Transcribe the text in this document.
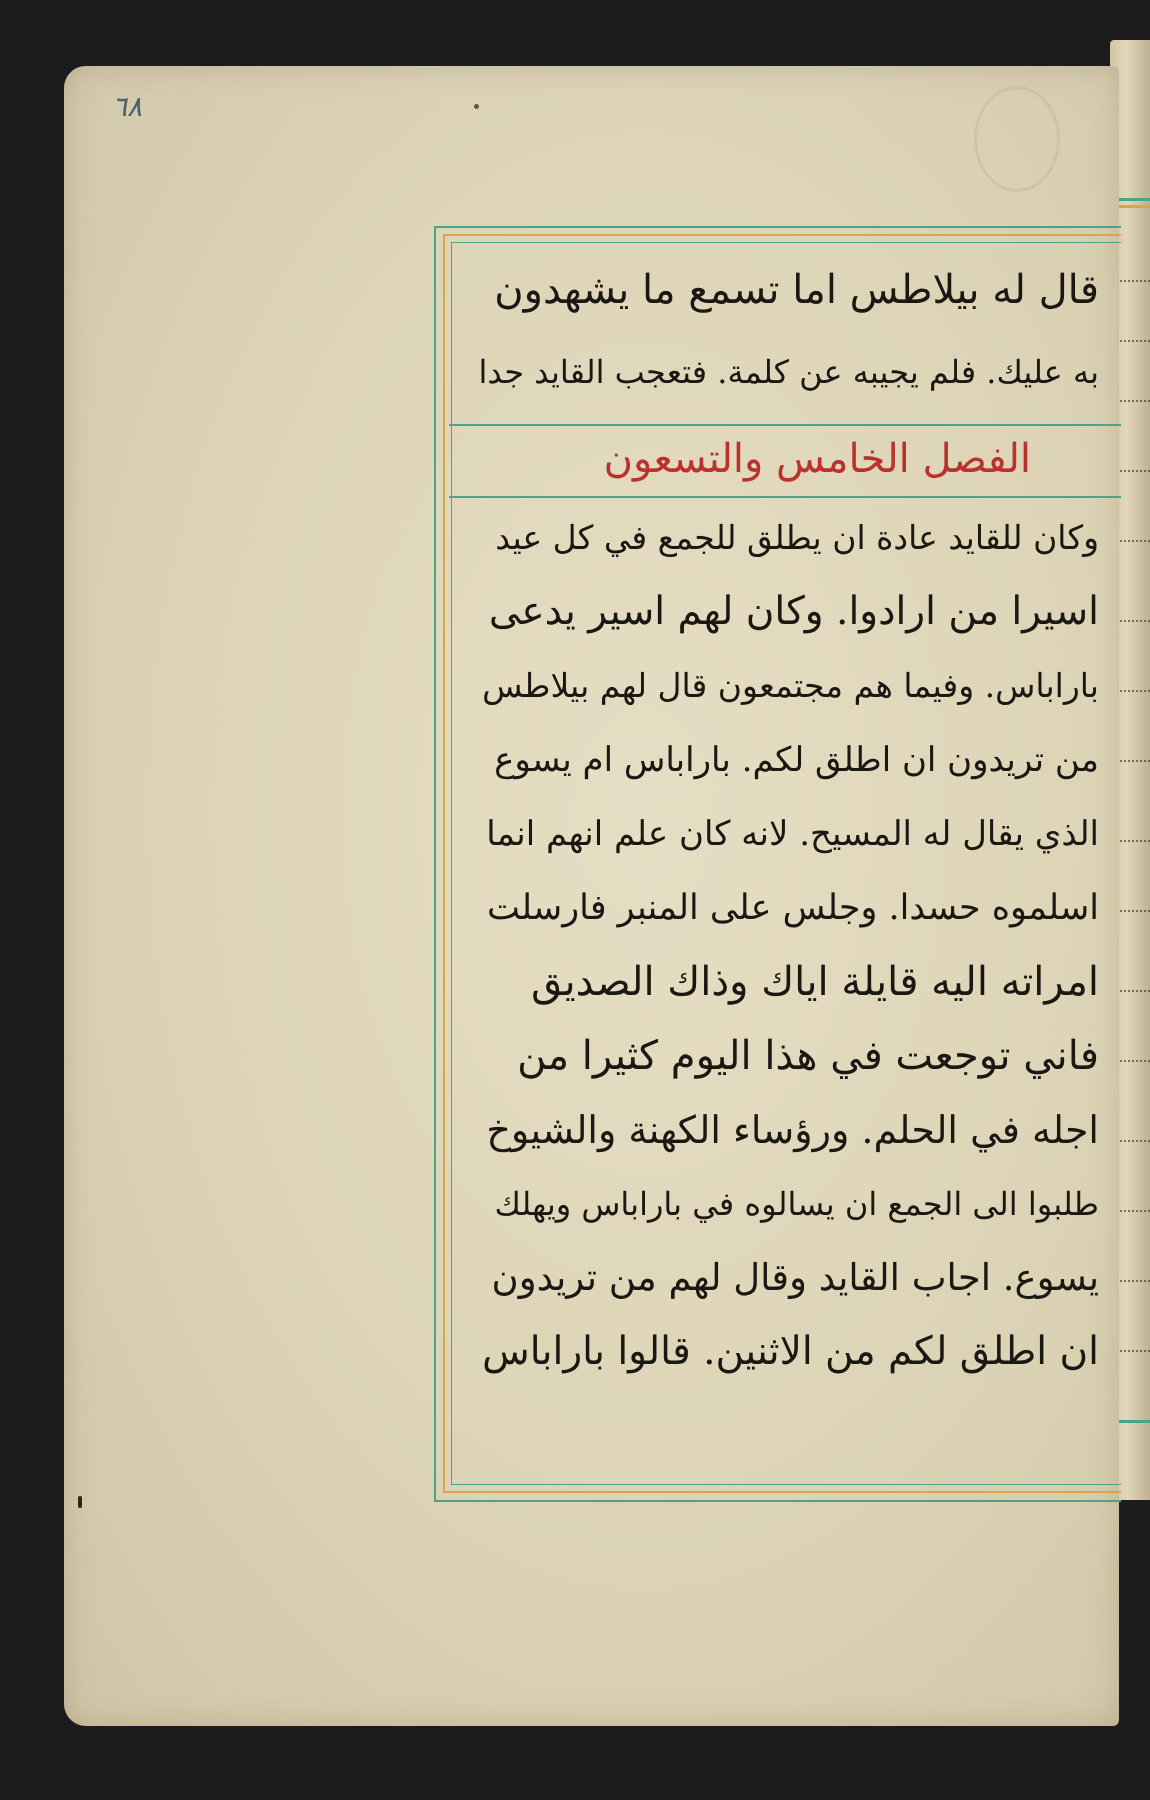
٦٨
قال له بيلاطس اما تسمع ما يشهدون
به عليك. فلم يجيبه عن كلمة. فتعجب القايد جدا
الفصل الخامس والتسعون
وكان للقايد عادة ان يطلق للجمع في كل عيد
اسيرا من ارادوا. وكان لهم اسير يدعى
باراباس. وفيما هم مجتمعون قال لهم بيلاطس
من تريدون ان اطلق لكم. باراباس ام يسوع
الذي يقال له المسيح. لانه كان علم انهم انما
اسلموه حسدا. وجلس على المنبر فارسلت
امراته اليه قايلة اياك وذاك الصديق
فاني توجعت في هذا اليوم كثيرا من
اجله في الحلم. ورؤساء الكهنة والشيوخ
طلبوا الى الجمع ان يسالوه في باراباس ويهلك
يسوع. اجاب القايد وقال لهم من تريدون
ان اطلق لكم من الاثنين. قالوا باراباس
